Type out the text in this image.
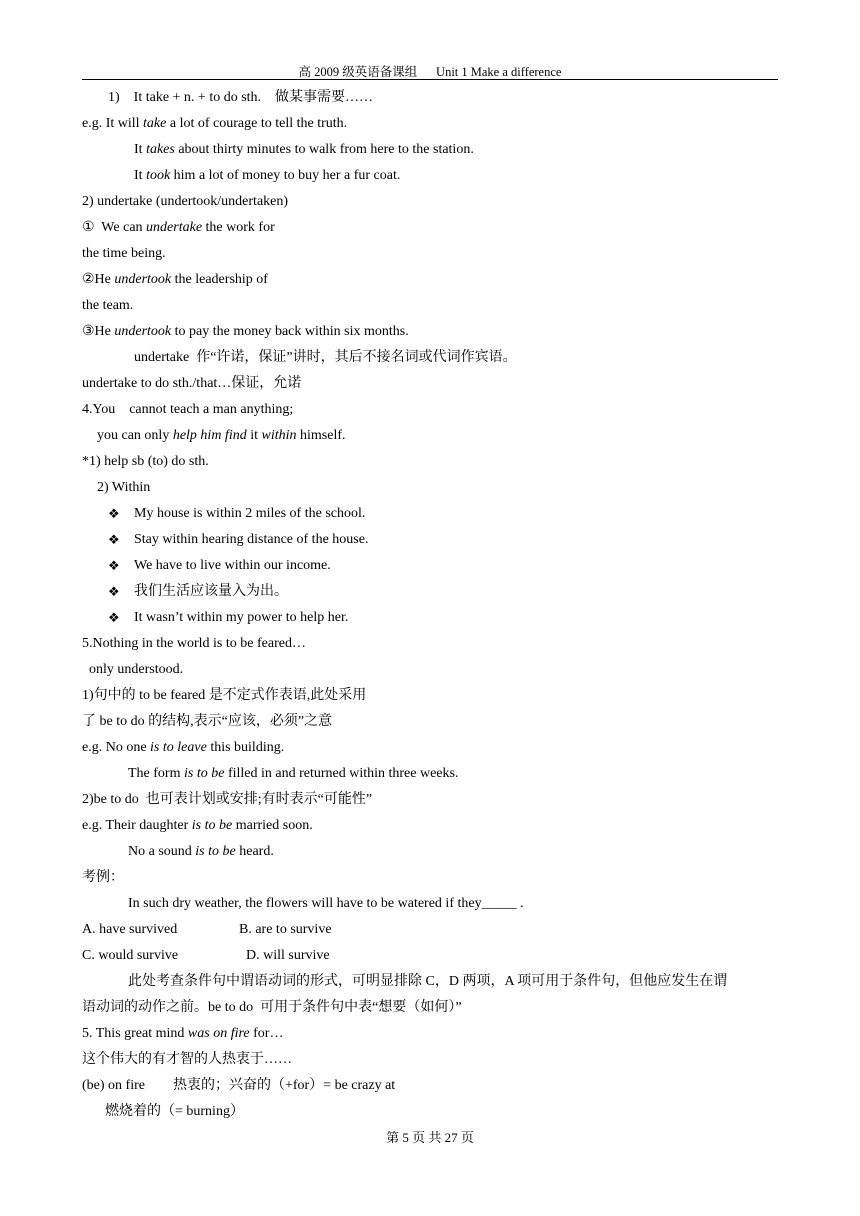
高 2009 级英语备课组 Unit 1 Make a difference
1)    It take + n. + to do sth.    做某事需要……
e.g. It will take a lot of courage to tell the truth.
It takes about thirty minutes to walk from here to the station.
It took him a lot of money to buy her a fur coat.
2) undertake (undertook/undertaken)
①  We can undertake the work for
the time being.
②He undertook the leadership of
the team.
③He undertook to pay the money back within six months.
undertake  作“许诺，保证”讲时，其后不接名词或代词作宾语。
undertake to do sth./that…保证，允诺
4.You    cannot teach a man anything;
you can only help him find it within himself.
*1) help sb (to) do sth.
2) Within
My house is within 2 miles of the school.
❖
Stay within hearing distance of the house.
❖
We have to live within our income.
❖
我们生活应该量入为出。
❖
It wasn’t within my power to help her.
❖
5.Nothing in the world is to be feared…
only understood.
1)句中的 to be feared 是不定式作表语,此处采用
了 be to do 的结构,表示“应该，必须”之意
e.g. No one is to leave this building.
The form is to be filled in and returned within three weeks.
2)be to do  也可表计划或安排;有时表示“可能性”
e.g. Their daughter is to be married soon.
No a sound is to be heard.
考例：
In such dry weather, the flowers will have to be watered if they_____ .
A. have survived	B. are to survive
C. would survive	D. will survive
此处考查条件句中谓语动词的形式，可明显排除 C，D 两项，A 项可用于条件句，但他应发生在谓
语动词的动作之前。be to do  可用于条件句中表“想要（如何）”
5. This great mind was on fire for…
这个伟大的有才智的人热衷于……
(be) on fire        热衷的；兴奋的（+for）= be crazy at
燃烧着的（= burning）
第 5 页 共 27 页
